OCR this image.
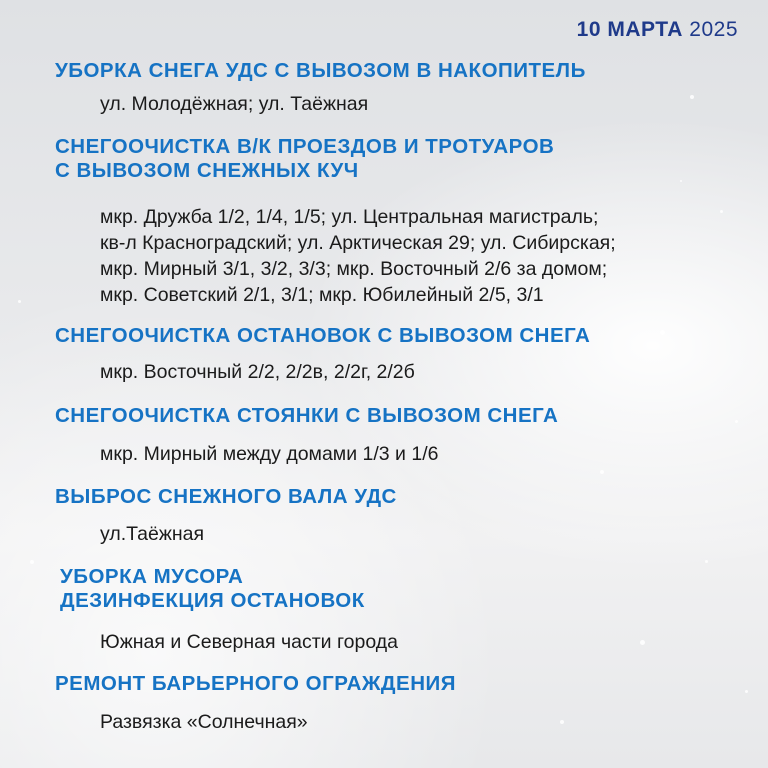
10 МАРТА 2025
УБОРКА СНЕГА УДС С ВЫВОЗОМ В НАКОПИТЕЛЬ
ул. Молодёжная; ул. Таёжная
СНЕГООЧИСТКА В/К ПРОЕЗДОВ И ТРОТУАРОВ
С ВЫВОЗОМ СНЕЖНЫХ КУЧ
мкр. Дружба 1/2, 1/4, 1/5; ул. Центральная магистраль;
кв-л Красноградский; ул. Арктическая 29; ул. Сибирская;
мкр. Мирный 3/1, 3/2, 3/3; мкр. Восточный 2/6 за домом;
мкр. Советский 2/1, 3/1; мкр. Юбилейный 2/5, 3/1
СНЕГООЧИСТКА ОСТАНОВОК С ВЫВОЗОМ СНЕГА
мкр. Восточный 2/2, 2/2в, 2/2г, 2/2б
СНЕГООЧИСТКА СТОЯНКИ С ВЫВОЗОМ СНЕГА
мкр. Мирный между домами 1/3 и 1/6
ВЫБРОС СНЕЖНОГО ВАЛА УДС
ул.Таёжная
УБОРКА МУСОРА
ДЕЗИНФЕКЦИЯ ОСТАНОВОК
Южная и Северная части города
РЕМОНТ БАРЬЕРНОГО ОГРАЖДЕНИЯ
Развязка «Солнечная»
